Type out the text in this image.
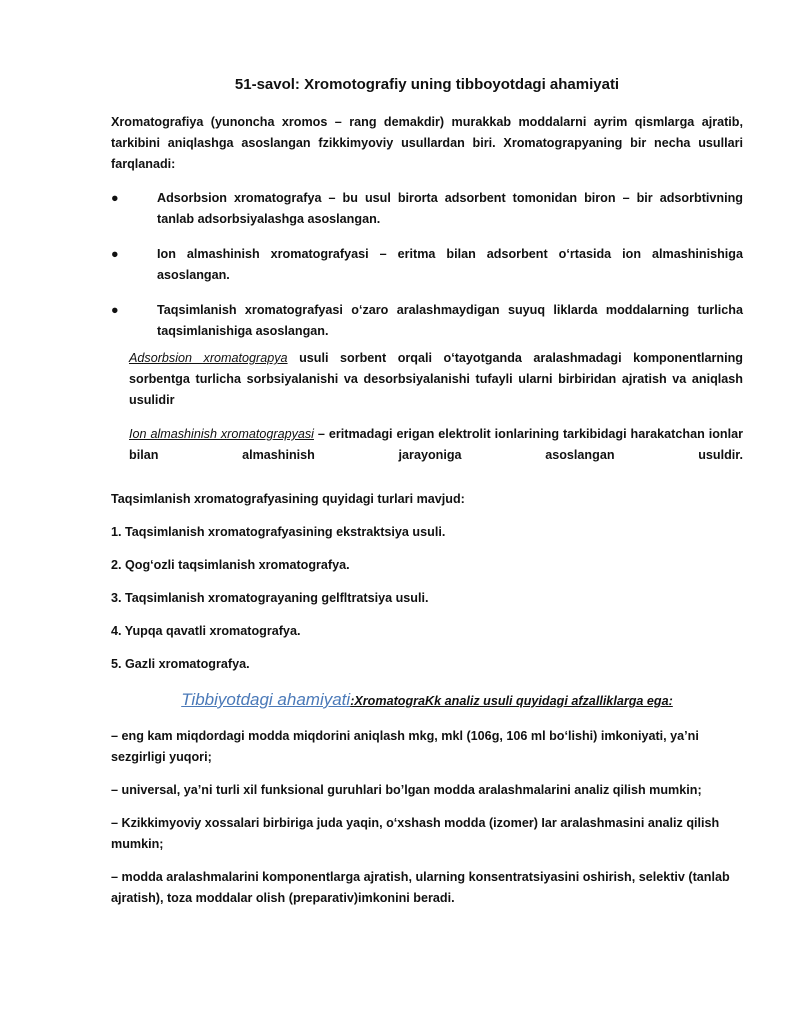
51-savol: Xromotografiy uning tibboyotdagi ahamiyati

Xromatografiya (yunoncha xromos – rang demakdir) murakkab moddalarni ayrim qismlarga ajratib, tarkibini aniqlashga asoslangan fzikkimyoviy usullardan biri. Xromatograpyaning bir necha usullari farqlanadi:

●	Adsorbsion xromatografya – bu usul birorta adsorbent tomonidan biron – bir adsorbtivning tanlab adsorbsiyalashga asoslangan.
●	Ion almashinish xromatografyasi – eritma bilan adsorbent o‘rtasida ion almashinishiga asoslangan.
●	Taqsimlanish xromatografyasi o‘zaro aralashmaydigan suyuq liklarda moddalarning turlicha taqsimlanishiga asoslangan.

Adsorbsion xromatograpya usuli sorbent orqali o‘tayotganda aralashmadagi komponentlarning sorbentga turlicha sorbsiyalanishi va desorbsiyalanishi tufayli ularni birbiridan ajratish va aniqlash usulidir

Ion almashinish xromatograpyasi – eritmadagi erigan elektrolit ionlarining tarkibidagi harakatchan ionlar bilan almashinish jarayoniga asoslangan usuldir.

Taqsimlanish xromatografyasining quyidagi turlari mavjud:

1. Taqsimlanish xromatografyasining ekstraktsiya usuli.

2. Qog‘ozli taqsimlanish xromatografya.

3. Taqsimlanish xromatograyaning gelfltratsiya usuli.

4. Yupqa qavatli xromatografya.

5. Gazli xromatografya.

Tibbiyotdagi ahamiyati:XromatograKk analiz usuli quyidagi afzalliklarga ega:

– eng kam miqdordagi modda miqdorini aniqlash mkg, mkl (106g, 106 ml bo‘lishi) imkoniyati, ya’ni sezgirligi yuqori;

– universal, ya’ni turli xil funksional guruhlari bo’lgan modda aralashmalarini analiz qilish mumkin;

– Kzikkimyoviy xossalari birbiriga juda yaqin, o‘xshash modda (izomer) Iar aralashmasini analiz qilish mumkin;

– modda aralashmalarini komponentlarga ajratish, ularning konsentratsiyasini oshirish, selektiv (tanlab ajratish), toza moddalar olish (preparativ)imkonini beradi.
